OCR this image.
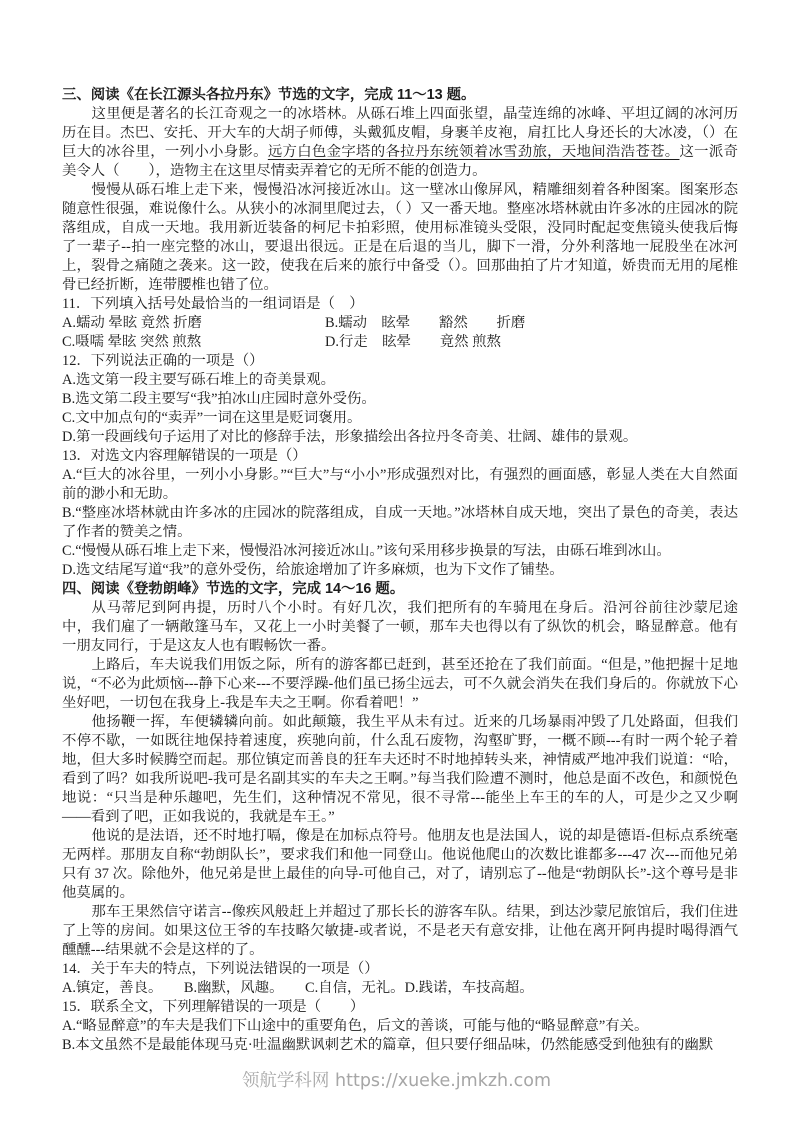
三、阅读《在长江源头各拉丹东》节选的文字，完成 11～13 题。

这里便是著名的长江奇观之一的冰塔林。从砾石堆上四面张望，晶莹连绵的冰峰、平坦辽阔的冰河历历在目。杰巴、安托、开大车的大胡子师傅，头戴狐皮帽，身裹羊皮袍，肩扛比人身还长的大冰凌，（）在巨大的冰谷里，一列小小身影。远方白色金字塔的各拉丹东统领着冰雪劲旅，天地间浩浩苍苍。这一派奇美令人（　　），造物主在这里尽情卖弄着它的无所不能的创造力。

慢慢从砾石堆上走下来，慢慢沿冰河接近冰山。这一壁冰山像屏风，精雕细刻着各种图案。图案形态随意性很强，难说像什么。从狭小的冰洞里爬过去，（ ）又一番天地。整座冰塔林就由许多冰的庄园冰的院落组成，自成一天地。我用新近装备的柯尼卡拍彩照，使用标准镜头受限，没同时配起变焦镜头使我后悔了一辈子--拍一座完整的冰山，要退出很远。正是在后退的当儿，脚下一滑，分外利落地一屁股坐在冰河上，裂骨之痛随之袭来。这一跤，使我在后来的旅行中备受（）。回那曲拍了片才知道，娇贵而无用的尾椎骨已经折断，连带腰椎也错了位。

11．下列填入括号处最恰当的一组词语是（　）
A.蠕动 晕眩 竟然 折磨	B.蠕动　眩晕　　豁然　　折磨
C.嗫嚅 晕眩 突然 煎熬	D.行走　眩晕　　竟然 煎熬
12．下列说法正确的一项是（）
A.选文第一段主要写砾石堆上的奇美景观。
B.选文第二段主要写“我”拍冰山庄园时意外受伤。
C.文中加点句的“卖弄”一词在这里是贬词褒用。
D.第一段画线句子运用了对比的修辞手法，形象描绘出各拉丹冬奇美、壮阔、雄伟的景观。
13．对选文内容理解错误的一项是（）
A.“巨大的冰谷里，一列小小身影。”“巨大”与“小小”形成强烈对比，有强烈的画面感，彰显人类在大自然面前的渺小和无助。
B.“整座冰塔林就由许多冰的庄园冰的院落组成，自成一天地。”冰塔林自成天地，突出了景色的奇美，表达了作者的赞美之情。
C.“慢慢从砾石堆上走下来，慢慢沿冰河接近冰山。”该句采用移步换景的写法，由砾石堆到冰山。
D.选文结尾写道“我”的意外受伤，给旅途增加了许多麻烦，也为下文作了铺垫。

四、阅读《登勃朗峰》节选的文字，完成 14～16 题。

从马蒂尼到阿冉提，历时八个小时。有好几次，我们把所有的车骑甩在身后。沿河谷前往沙蒙尼途中，我们雇了一辆敞篷马车，又花上一小时美餐了一顿，那车夫也得以有了纵饮的机会，略显醉意。他有一朋友同行，于是这友人也有暇畅饮一番。

上路后，车夫说我们用饭之际，所有的游客都已赶到，甚至还抢在了我们前面。“但是，”他把握十足地说，“不必为此烦恼---静下心来---不要浮躁-他们虽已扬尘远去，可不久就会消失在我们身后的。你就放下心坐好吧，一切包在我身上-我是车夫之王啊。你看着吧！”

他扬鞭一挥，车便辚辚向前。如此颠簸，我生平从未有过。近来的几场暴雨冲毁了几处路面，但我们不停不歇，一如既往地保持着速度，疾驰向前，什么乱石废物，沟壑旷野，一概不顾---有时一两个轮子着地，但大多时候腾空而起。那位镇定而善良的狂车夫还时不时地掉转头来，神情威严地冲我们说道：“哈，看到了吗？如我所说吧-我可是名副其实的车夫之王啊。”每当我们险遭不测时，他总是面不改色，和颜悦色地说：“只当是种乐趣吧，先生们，这种情况不常见，很不寻常---能坐上车王的车的人，可是少之又少啊——看到了吧，正如我说的，我就是车王。”

他说的是法语，还不时地打嗝，像是在加标点符号。他朋友也是法国人，说的却是德语-但标点系统毫无两样。那朋友自称“勃朗队长”，要求我们和他一同登山。他说他爬山的次数比谁都多---47 次---而他兄弟只有 37 次。除他外，他兄弟是世上最佳的向导-可他自己，对了，请别忘了--他是“勃朗队长”-这个尊号是非他莫属的。

那车王果然信守诺言--像疾风般赶上并超过了那长长的游客车队。结果，到达沙蒙尼旅馆后，我们住进了上等的房间。如果这位王爷的车技略欠敏捷-或者说，不是老天有意安排，让他在离开阿冉提时喝得酒气醺醺---结果就不会是这样的了。

14．关于车夫的特点，下列说法错误的一项是（）
A.镇定，善良。　　B.幽默，风趣。　　C.自信，无礼。D.践诺，车技高超。
15．联系全文，下列理解错误的一项是（　　）
A.“略显醉意”的车夫是我们下山途中的重要角色，后文的善谈，可能与他的“略显醉意”有关。
B.本文虽然不是最能体现马克·吐温幽默讽刺艺术的篇章，但只要仔细品味，仍然能感受到他独有的幽默
领航学科网 https://xueke.jmkzh.com
